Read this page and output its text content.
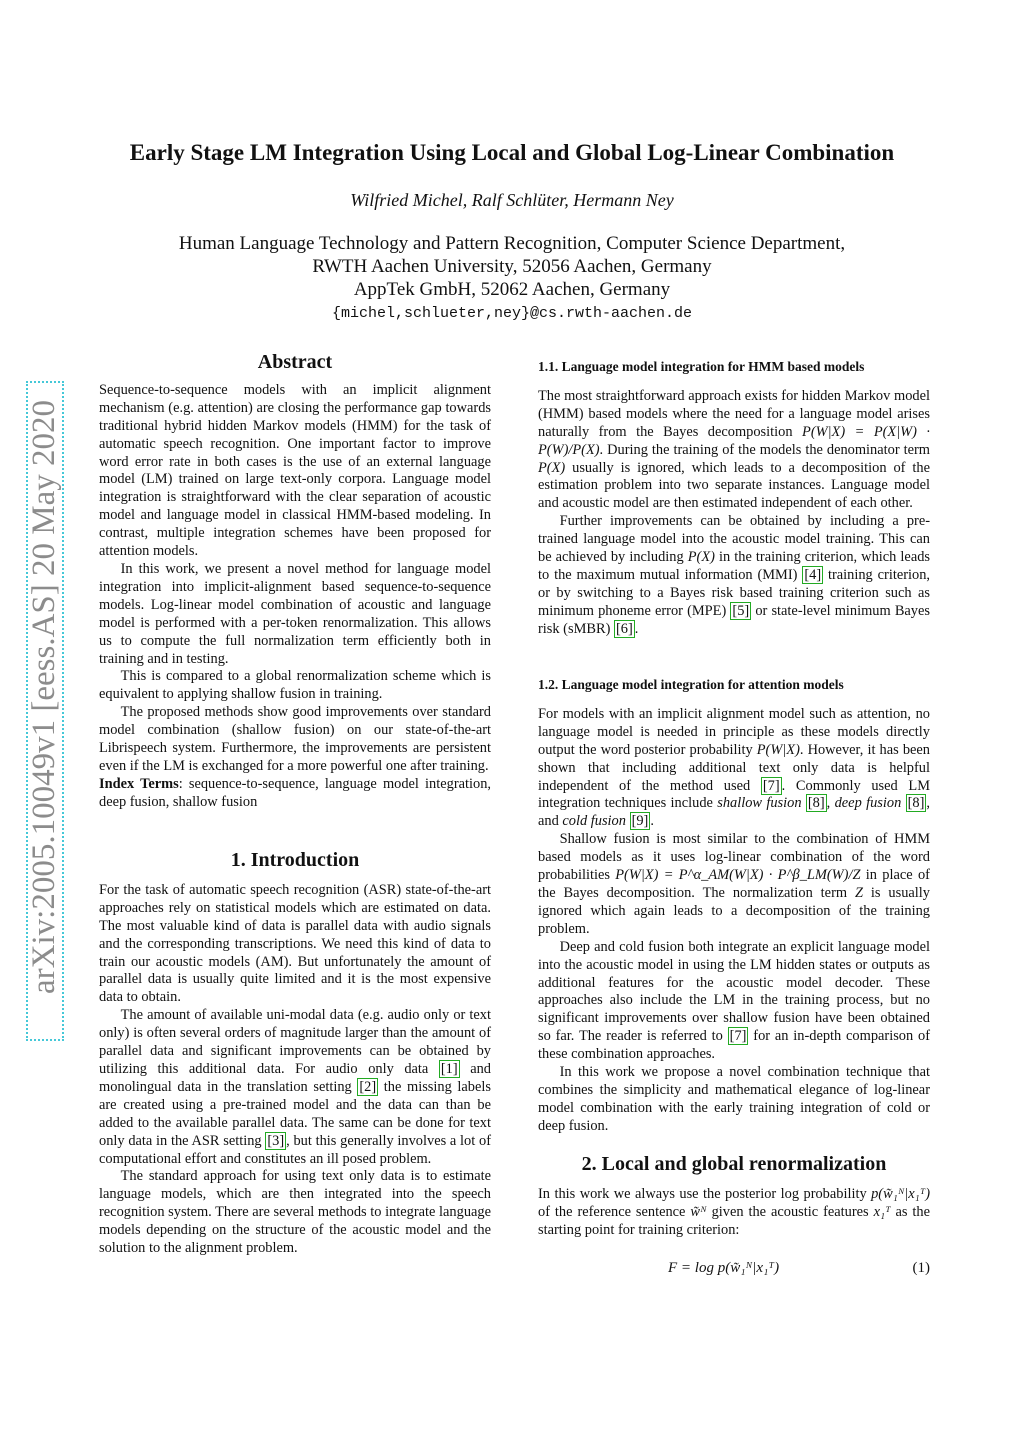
Early Stage LM Integration Using Local and Global Log-Linear Combination
Wilfried Michel, Ralf Schlüter, Hermann Ney
Human Language Technology and Pattern Recognition, Computer Science Department,
RWTH Aachen University, 52056 Aachen, Germany
AppTek GmbH, 52062 Aachen, Germany
{michel,schlueter,ney}@cs.rwth-aachen.de
arXiv:2005.10049v1 [eess.AS] 20 May 2020
Abstract

Sequence-to-sequence models with an implicit alignment mechanism (e.g. attention) are closing the performance gap towards traditional hybrid hidden Markov models (HMM) for the task of automatic speech recognition. One important factor to improve word error rate in both cases is the use of an external language model (LM) trained on large text-only corpora. Language model integration is straightforward with the clear separation of acoustic model and language model in classical HMM-based modeling. In contrast, multiple integration schemes have been proposed for attention models.

In this work, we present a novel method for language model integration into implicit-alignment based sequence-to-sequence models. Log-linear model combination of acoustic and language model is performed with a per-token renormalization. This allows us to compute the full normalization term efficiently both in training and in testing.

This is compared to a global renormalization scheme which is equivalent to applying shallow fusion in training.

The proposed methods show good improvements over standard model combination (shallow fusion) on our state-of-the-art Librispeech system. Furthermore, the improvements are persistent even if the LM is exchanged for a more powerful one after training.

Index Terms: sequence-to-sequence, language model integration, deep fusion, shallow fusion

1. Introduction

For the task of automatic speech recognition (ASR) state-of-the-art approaches rely on statistical models which are estimated on data. The most valuable kind of data is parallel data with audio signals and the corresponding transcriptions. We need this kind of data to train our acoustic models (AM). But unfortunately the amount of parallel data is usually quite limited and it is the most expensive data to obtain.

The amount of available uni-modal data (e.g. audio only or text only) is often several orders of magnitude larger than the amount of parallel data and significant improvements can be obtained by utilizing this additional data. For audio only data [1] and monolingual data in the translation setting [2] the missing labels are created using a pre-trained model and the data can than be added to the available parallel data. The same can be done for text only data in the ASR setting [3] , but this generally involves a lot of computational effort and constitutes an ill posed problem.

The standard approach for using text only data is to estimate language models, which are then integrated into the speech recognition system. There are several methods to integrate language models depending on the structure of the acoustic model and the solution to the alignment problem.

1.1. Language model integration for HMM based models

The most straightforward approach exists for hidden Markov model (HMM) based models where the need for a language model arises naturally from the Bayes decomposition P(W|X) = P(X|W) · P(W)/P(X). During the training of the models the denominator term P(X) usually is ignored, which leads to a decomposition of the estimation problem into two separate instances. Language model and acoustic model are then estimated independent of each other.

Further improvements can be obtained by including a pre-trained language model into the acoustic model training. This can be achieved by including P(X) in the training criterion, which leads to the maximum mutual information (MMI) [4] training criterion, or by switching to a Bayes risk based training criterion such as minimum phoneme error (MPE) [5] or state-level minimum Bayes risk (sMBR) [6] .

1.2. Language model integration for attention models

For models with an implicit alignment model such as attention, no language model is needed in principle as these models directly output the word posterior probability P(W|X). However, it has been shown that including additional text only data is helpful independent of the method used [7] . Commonly used LM integration techniques include shallow fusion [8] , deep fusion [8] , and cold fusion [9] .

Shallow fusion is most similar to the combination of HMM based models as it uses log-linear combination of the word probabilities P(W|X) = P^α_AM(W|X) · P^β_LM(W)/Z in place of the Bayes decomposition. The normalization term Z is usually ignored which again leads to a decomposition of the training problem.

Deep and cold fusion both integrate an explicit language model into the acoustic model in using the LM hidden states or outputs as additional features for the acoustic model decoder. These approaches also include the LM in the training process, but no significant improvements over shallow fusion have been obtained so far. The reader is referred to [7] for an in-depth comparison of these combination approaches.

In this work we propose a novel combination technique that combines the simplicity and mathematical elegance of log-linear model combination with the early training integration of cold or deep fusion.

2. Local and global renormalization

In this work we always use the posterior log probability p(w̃₁ᴺ|x₁ᵀ) of the reference sentence w̃ᴺ given the acoustic features x₁ᵀ as the starting point for training criterion:

F = log p(w̃₁ᴺ|x₁ᵀ)	(1)
